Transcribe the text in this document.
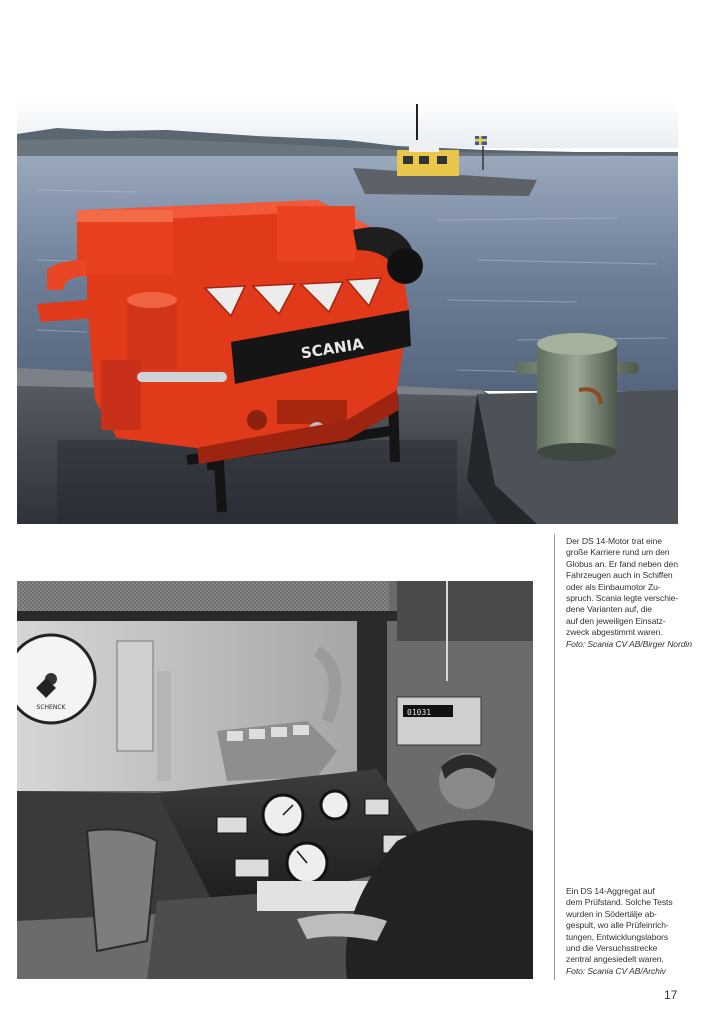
SCANIA
SCHENCK
01031
Der DS 14-Motor trat eine
große Karriere rund um den
Globus an. Er fand neben den
Fahrzeugen auch in Schiffen
oder als Einbaumotor Zu-
spruch. Scania legte verschie-
dene Varianten auf, die
auf den jeweiligen Einsatz-
zweck abgestimmt waren.
Foto: Scania CV AB/Birger Nordin
Ein DS 14-Aggregat auf
dem Prüfstand. Solche Tests
wurden in Södertälje ab-
gespult, wo alle Prüfeinrich-
tungen, Entwicklungslabors
und die Versuchsstrecke
zentral angesiedelt waren.
Foto: Scania CV AB/Archiv
17
